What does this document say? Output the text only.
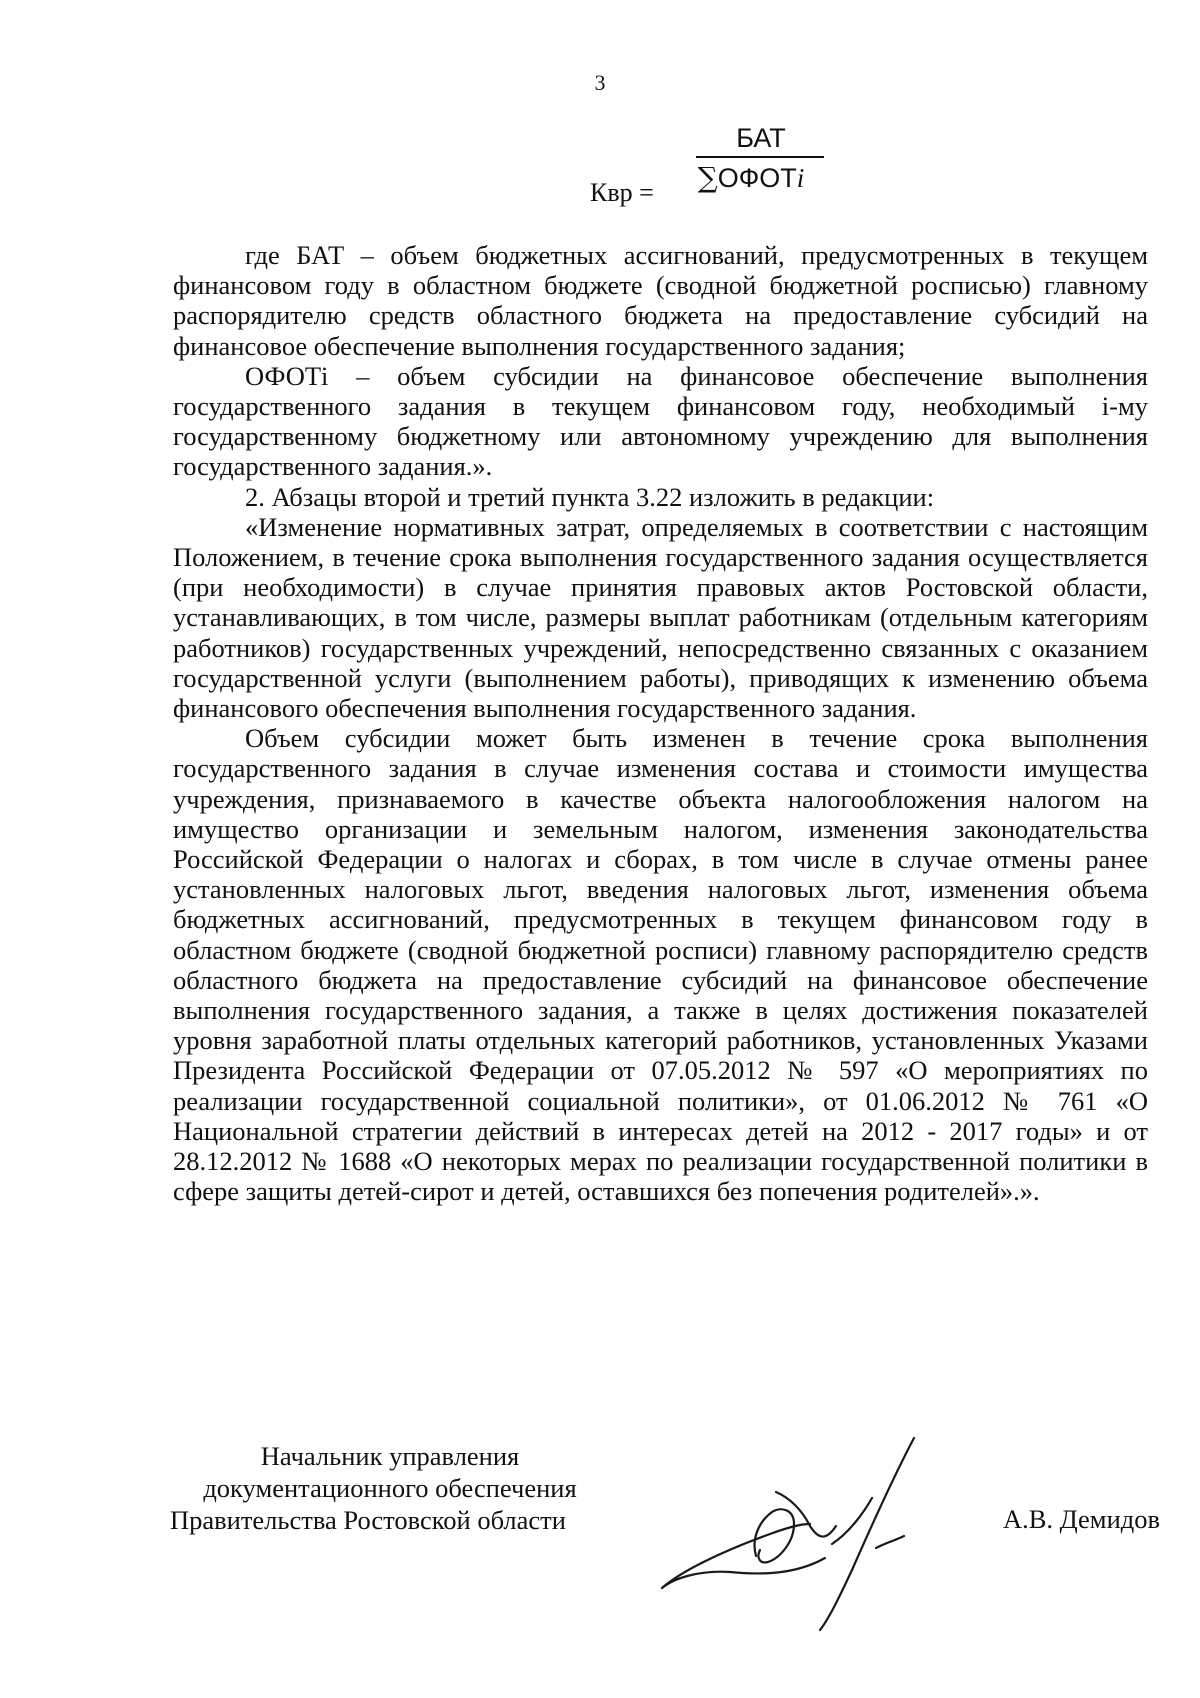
3
Квр =
БАТ
∑ОФОТi

где БАТ – объем бюджетных ассигнований, предусмотренных в текущем финансовом году в областном бюджете (сводной бюджетной росписью) главному распорядителю средств областного бюджета на предоставление субсидий на финансовое обеспечение выполнения государственного задания;

ОФОТi – объем субсидии на финансовое обеспечение выполнения государственного задания в текущем финансовом году, необходимый i-му государственному бюджетному или автономному учреждению для выполнения государственного задания.».

2. Абзацы второй и третий пункта 3.22 изложить в редакции:

«Изменение нормативных затрат, определяемых в соответствии с настоящим Положением, в течение срока выполнения государственного задания осуществляется (при необходимости) в случае принятия правовых актов Ростовской области, устанавливающих, в том числе, размеры выплат работникам (отдельным категориям работников) государственных учреждений, непосредственно связанных с оказанием государственной услуги (выполнением работы), приводящих к изменению объема финансового обеспечения выполнения государственного задания.

Объем субсидии может быть изменен в течение срока выполнения государственного задания в случае изменения состава и стоимости имущества учреждения, признаваемого в качестве объекта налогообложения налогом на имущество организации и земельным налогом, изменения законодательства Российской Федерации о налогах и сборах, в том числе в случае отмены ранее установленных налоговых льгот, введения налоговых льгот, изменения объема бюджетных ассигнований, предусмотренных в текущем финансовом году в областном бюджете (сводной бюджетной росписи) главному распорядителю средств областного бюджета на предоставление субсидий на финансовое обеспечение выполнения государственного задания, а также в целях достижения показателей уровня заработной платы отдельных категорий работников, установленных Указами Президента Российской Федерации от 07.05.2012 № 597 «О мероприятиях по реализации государственной социальной политики», от 01.06.2012 № 761 «О Национальной стратегии действий в интересах детей на 2012 - 2017 годы» и от 28.12.2012 № 1688 «О некоторых мерах по реализации государственной политики в сфере защиты детей-сирот и детей, оставшихся без попечения родителей».».

Начальник управления
документационного обеспечения
Правительства Ростовской области	А.В. Демидов
